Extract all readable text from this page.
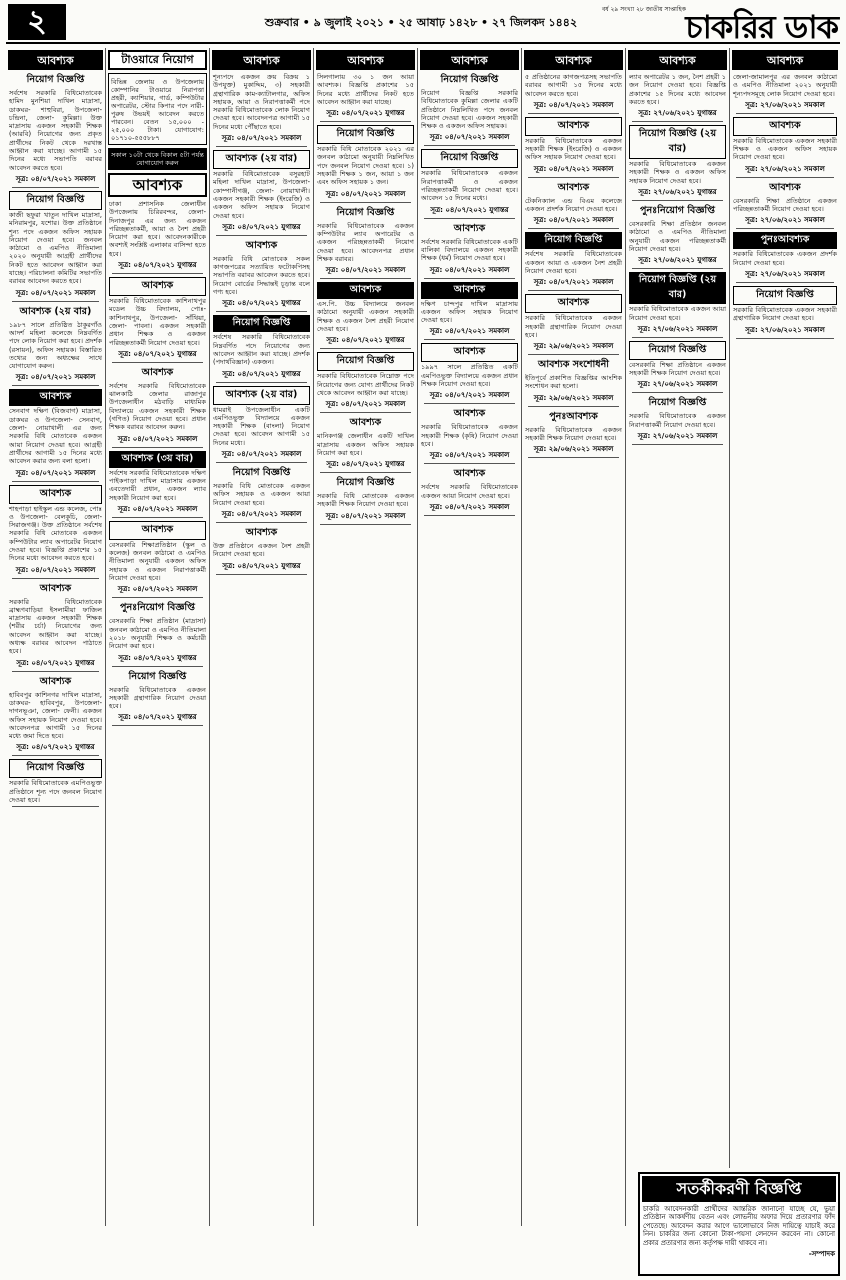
২	শুক্রবার • ৯ জুলাই ২০২১ • ২৫ আষাঢ় ১৪২৮ • ২৭ জিলকদ ১৪৪২
বর্ষ ২৯ সংখ্যা ২৮ জাতীয় সাপ্তাহিক চাকরির ডাক
আবশ্যক
নিয়োগ বিজ্ঞপ্তি
সর্বশেষ সরকারি বিধিমোতাবেক হামিদ মুনশিয়া দাখিল মাদ্রাসা, ডাকঘর- শাহুবিরা, উপজেলা- চন্দ্রিনা, জেলা- কুমিল্লা। উক্ত মাদ্রাসায় একজন সহকারী শিক্ষক (আরবি) নিয়োগের জন্য প্রকৃত প্রার্থীদের নিকট থেকে দরখাস্ত আহ্বান করা যাচ্ছে। আগামী ১৫ দিনের মধ্যে সভাপতি বরাবর আবেদন করতে হবে।
সূত্র: ০৪/০৭/২০২১ সমকাল
নিয়োগ বিজ্ঞপ্তি
কাজী ছফুরা খাতুন দাখিল মাদ্রাসা, মনিরামপুর, যশোর। উক্ত প্রতিষ্ঠানে শূন্য পদে একজন অফিস সহায়ক নিয়োগ দেওয়া হবে। জনবল কাঠামো ও এমপিও নীতিমালা ২০২০ অনুযায়ী আগ্রহী প্রার্থীদের নিকট হতে আবেদন আহ্বান করা যাচ্ছে। পরিচালনা কমিটির সভাপতি বরাবর আবেদন করতে হবে।
সূত্র: ০৪/০৭/২০২১ সমকাল
আবশ্যক (২য় বার)
১৯৮৭ সালে প্রতিষ্ঠিত ঠাকুরগাঁও আদর্শ মহিলা কলেজে নিম্নবর্ণিত পদে লোক নিয়োগ করা হবে। প্রদর্শক (রসায়ন), অফিস সহায়ক। বিস্তারিত তথ্যের জন্য অধ্যক্ষের সাথে যোগাযোগ করুন।
সূত্র: ০৪/০৭/২০২১ সমকাল
আবশ্যক
সেনবাগ দক্ষিণ (বিজবাগ) মাদ্রাসা, ডাকঘর ও উপজেলা- সেনবাগ, জেলা- নোয়াখালী এর জন্য সরকারি বিধি মোতাবেক একজন আয়া নিয়োগ দেওয়া হবে। আগ্রহী প্রার্থীদের আগামী ১৫ দিনের মধ্যে আবেদন করার জন্য বলা হলো।
সূত্র: ০৪/০৭/২০২১ সমকাল
আবশ্যক
শাহপাড়া হাইস্কুল এন্ড কলেজ, পোঃ ও উপজেলা- বেলকুচি, জেলা- সিরাজগঞ্জ। উক্ত প্রতিষ্ঠানে সর্বশেষ সরকারি বিধি মোতাবেক একজন কম্পিউটার ল্যাব অপারেটর নিয়োগ দেওয়া হবে। বিজ্ঞপ্তি প্রকাশের ১৫ দিনের মধ্যে আবেদন করতে হবে।
সূত্র: ০৪/০৭/২০২১ সমকাল
আবশ্যক
সরকারি বিধিমোতাবেক ব্রাহ্মণবাড়িয়া ইসলামীয়া ফাজিল মাদ্রাসায় একজন সহকারী শিক্ষক (শরীর চর্চা) নিয়োগের জন্য আবেদন আহ্বান করা যাচ্ছে। অধ্যক্ষ বরাবর আবেদন পাঠাতে হবে।
সূত্র: ০৪/০৭/২০২১ যুগান্তর
আবশ্যক
হাবিবপুর কাশিনগর দাখিল মাদ্রাসা, ডাকঘর- হাবিবপুর, উপজেলা- দাগনভূঞা, জেলা- ফেনী। একজন অফিস সহায়ক নিয়োগ দেওয়া হবে। আবেদনপত্র আগামী ১৫ দিনের মধ্যে জমা দিতে হবে।
সূত্র: ০৪/০৭/২০২১ যুগান্তর
নিয়োগ বিজ্ঞপ্তি
সরকারি বিধিমোতাবেক এমপিওভুক্ত প্রতিষ্ঠানে শূন্য পদে জনবল নিয়োগ দেওয়া হবে।
টাওয়ারে নিয়োগ
বিভিন্ন জেলায় ও উপজেলায় কোম্পানির টাওয়ারে নিরাপত্তা প্রহরী, ক্যাশিয়ার, গার্ড, কম্পিউটার অপারেটর, স্টোর কিপার পদে নারী-পুরুষ উভয়ই আবেদন করতে পারবেন। বেতন ১৫,০০০ - ২৫,০০০ টাকা। যোগাযোগ: ০১৭১০-৫৫৫৮৮৭
সকাল ১০টা থেকে বিকাল ৫টা পর্যন্ত যোগাযোগ করুন
আবশ্যক
ঢাকা প্রশাসনিক জেলাধীন উপজেলায় চিরিরবন্দর, জেলা- দিনাজপুর এর জন্য একজন পরিচ্ছন্নতাকর্মী, আয়া ও নৈশ প্রহরী নিয়োগ করা হবে। আবেদনকারীকে অবশ্যই সংশ্লিষ্ট এলাকার বাসিন্দা হতে হবে।
সূত্র: ০৪/০৭/২০২১ যুগান্তর
আবশ্যক
সরকারি বিধিমোতাবেক কাশিনাথপুর মডেল উচ্চ বিদ্যালয়, পোঃ- কাশিনাথপুর, উপজেলা- সাঁথিয়া, জেলা- পাবনা। একজন সহকারী প্রধান শিক্ষক ও একজন পরিচ্ছন্নতাকর্মী নিয়োগ দেওয়া হবে।
সূত্র: ০৪/০৭/২০২১ যুগান্তর
আবশ্যক
সর্বশেষ সরকারি বিধিমোতাবেক ঝালকাঠি জেলার রাজাপুর উপজেলাধীন মঠবাড়ি মাধ্যমিক বিদ্যালয়ে একজন সহকারী শিক্ষক (গণিত) নিয়োগ দেওয়া হবে। প্রধান শিক্ষক বরাবর আবেদন করুন।
সূত্র: ০৪/০৭/২০২১ সমকাল
আবশ্যক (৩য় বার)
সর্বশেষ সরকারি বিধিমোতাবেক দক্ষিণ পাইকপাড়া দাখিল মাদ্রাসায় একজন এবতেদায়ী প্রধান, একজন ল্যাব সহকারী নিয়োগ করা হবে।
সূত্র: ০৪/০৭/২০২১ সমকাল
আবশ্যক
বেসরকারি শিক্ষাপ্রতিষ্ঠান (স্কুল ও কলেজ) জনবল কাঠামো ও এমপিও নীতিমালা অনুযায়ী একজন অফিস সহায়ক ও একজন নিরাপত্তাকর্মী নিয়োগ দেওয়া হবে।
সূত্র: ০৪/০৭/২০২১ সমকাল
পুনঃনিয়োগ বিজ্ঞপ্তি
বেসরকারি শিক্ষা প্রতিষ্ঠান (মাদ্রাসা) জনবল কাঠামো ও এমপিও নীতিমালা ২০১৮ অনুযায়ী শিক্ষক ও কর্মচারী নিয়োগ করা হবে।
সূত্র: ০৪/০৭/২০২১ যুগান্তর
নিয়োগ বিজ্ঞপ্তি
সরকারি বিধিমোতাবেক একজন সহকারী গ্রন্থাগারিক নিয়োগ দেওয়া হবে।
সূত্র: ০৪/০৭/২০২১ যুগান্তর
আবশ্যক
শূন্যপদে একজন ক্রয় বিক্রয় ১ উপযুক্ত) মুকাদ্দিম, ৩) সহকারী গ্রন্থাগারিক কাম-ক্যাটালগার, অফিস সহায়ক, আয়া ও নিরাপত্তাকর্মী পদে সরকারি বিধিমোতাবেক লোক নিয়োগ দেওয়া হবে। আবেদনপত্র আগামী ১৫ দিনের মধ্যে পৌঁছাতে হবে।
সূত্র: ০৪/০৭/২০২১ সমকাল
আবশ্যক (২য় বার)
সরকারি বিধিমোতাবেক বসুরহাট মহিলা দাখিল মাদ্রাসা, উপজেলা- কোম্পানীগঞ্জ, জেলা- নোয়াখালী। একজন সহকারী শিক্ষক (ইংরেজি) ও একজন অফিস সহায়ক নিয়োগ দেওয়া হবে।
সূত্র: ০৪/০৭/২০২১ যুগান্তর
আবশ্যক
সরকারি বিধি মোতাবেক সকল কাগজপত্রের সত্যায়িত ফটোকপিসহ সভাপতি বরাবর আবেদন করতে হবে। নিয়োগ বোর্ডের সিদ্ধান্তই চূড়ান্ত বলে গণ্য হবে।
সূত্র: ০৪/০৭/২০২১ যুগান্তর
নিয়োগ বিজ্ঞপ্তি
সর্বশেষ সরকারি বিধিমোতাবেক নিম্নবর্ণিত পদে নিয়োগের জন্য আবেদন আহ্বান করা যাচ্ছে। প্রদর্শক (পদার্থবিজ্ঞান) একজন।
সূত্র: ০৪/০৭/২০২১ যুগান্তর
আবশ্যক (২য় বার)
ধামরাই উপজেলাধীন একটি এমপিওভুক্ত বিদ্যালয়ে একজন সহকারী শিক্ষক (বাংলা) নিয়োগ দেওয়া হবে। আবেদন আগামী ১৫ দিনের মধ্যে।
সূত্র: ০৪/০৭/২০২১ সমকাল
নিয়োগ বিজ্ঞপ্তি
সরকারি বিধি মোতাবেক একজন অফিস সহায়ক ও একজন আয়া নিয়োগ দেওয়া হবে।
সূত্র: ০৪/০৭/২০২১ সমকাল
আবশ্যক
উক্ত প্রতিষ্ঠানে একজন নৈশ প্রহরী নিয়োগ দেওয়া হবে।
সূত্র: ০৪/০৭/২০২১ যুগান্তর
আবশ্যক
সিলগালায় ৩০ ১ জন আয়া আবশ্যক। বিজ্ঞপ্তি প্রকাশের ১৫ দিনের মধ্যে প্রার্থীদের নিকট হতে আবেদন আহ্বান করা যাচ্ছে।
সূত্র: ০৪/০৭/২০২১ যুগান্তর
নিয়োগ বিজ্ঞপ্তি
সরকারি বিধি মোতাবেক ২০২১ এর জনবল কাঠামো অনুযায়ী নিম্নলিখিত পদে জনবল নিয়োগ দেওয়া হবে। ১) সহকারী শিক্ষক ১ জন, আয়া ১ জন এবং অফিস সহায়ক ১ জন।
সূত্র: ০৪/০৭/২০২১ সমকাল
নিয়োগ বিজ্ঞপ্তি
সরকারি বিধিমোতাবেক একজন কম্পিউটার ল্যাব অপারেটর ও একজন পরিচ্ছন্নতাকর্মী নিয়োগ দেওয়া হবে। আবেদনপত্র প্রধান শিক্ষক বরাবর।
সূত্র: ০৪/০৭/২০২১ সমকাল
আবশ্যক
এস.পি. উচ্চ বিদ্যালয়ে জনবল কাঠামো অনুযায়ী একজন সহকারী শিক্ষক ও একজন নৈশ প্রহরী নিয়োগ দেওয়া হবে।
সূত্র: ০৪/০৭/২০২১ যুগান্তর
নিয়োগ বিজ্ঞপ্তি
সরকারি বিধিমোতাবেক নিম্নোক্ত পদে নিয়োগের জন্য যোগ্য প্রার্থীদের নিকট থেকে আবেদন আহ্বান করা যাচ্ছে।
সূত্র: ০৪/০৭/২০২১ সমকাল
আবশ্যক
মানিকগঞ্জ জেলাধীন একটি দাখিল মাদ্রাসায় একজন অফিস সহায়ক নিয়োগ করা হবে।
সূত্র: ০৪/০৭/২০২১ যুগান্তর
নিয়োগ বিজ্ঞপ্তি
সরকারি বিধি মোতাবেক একজন সহকারী শিক্ষক নিয়োগ দেওয়া হবে।
সূত্র: ০৪/০৭/২০২১ সমকাল
আবশ্যক
নিয়োগ বিজ্ঞপ্তি
নিয়োগ বিজ্ঞপ্তি সরকারি বিধিমোতাবেক কুমিল্লা জেলার একটি প্রতিষ্ঠানে নিম্নলিখিত পদে জনবল নিয়োগ দেওয়া হবে। একজন সহকারী শিক্ষক ও একজন অফিস সহায়ক।
সূত্র: ০৪/০৭/২০২১ সমকাল
নিয়োগ বিজ্ঞপ্তি
সরকারি বিধিমোতাবেক একজন নিরাপত্তাকর্মী ও একজন পরিচ্ছন্নতাকর্মী নিয়োগ দেওয়া হবে। আবেদন ১৫ দিনের মধ্যে।
সূত্র: ০৪/০৭/২০২১ যুগান্তর
আবশ্যক
সর্বশেষ সরকারি বিধিমোতাবেক একটি বালিকা বিদ্যালয়ে একজন সহকারী শিক্ষক (ধর্ম) নিয়োগ দেওয়া হবে।
সূত্র: ০৪/০৭/২০২১ সমকাল
আবশ্যক
দক্ষিণ চান্দপুর দাখিল মাদ্রাসায় একজন অফিস সহায়ক নিয়োগ দেওয়া হবে।
সূত্র: ০৪/০৭/২০২১ সমকাল
আবশ্যক
১৯৯৭ সালে প্রতিষ্ঠিত একটি এমপিওভুক্ত বিদ্যালয়ে একজন প্রধান শিক্ষক নিয়োগ দেওয়া হবে।
সূত্র: ০৪/০৭/২০২১ সমকাল
আবশ্যক
সরকারি বিধিমোতাবেক একজন সহকারী শিক্ষক (কৃষি) নিয়োগ দেওয়া হবে।
সূত্র: ০৪/০৭/২০২১ সমকাল
আবশ্যক
সর্বশেষ সরকারি বিধিমোতাবেক একজন আয়া নিয়োগ দেওয়া হবে।
সূত্র: ০৪/০৭/২০২১ সমকাল
আবশ্যক
৫ প্রতিষ্ঠানের কাগজপত্রসহ সভাপতি বরাবর আগামী ১৫ দিনের মধ্যে আবেদন করতে হবে।
সূত্র: ০৪/০৭/২০২১ সমকাল
আবশ্যক
সরকারি বিধিমোতাবেক একজন সহকারী শিক্ষক (ইংরেজি) ও একজন অফিস সহায়ক নিয়োগ দেওয়া হবে।
সূত্র: ০৪/০৭/২০২১ সমকাল
আবশ্যক
টেকনিক্যাল এন্ড বিএম কলেজে একজন প্রদর্শক নিয়োগ দেওয়া হবে।
সূত্র: ০৪/০৭/২০২১ সমকাল
নিয়োগ বিজ্ঞপ্তি
সর্বশেষ সরকারি বিধিমোতাবেক একজন আয়া ও একজন নৈশ প্রহরী নিয়োগ দেওয়া হবে।
সূত্র: ০৪/০৭/২০২১ সমকাল
আবশ্যক
সরকারি বিধিমোতাবেক একজন সহকারী গ্রন্থাগারিক নিয়োগ দেওয়া হবে।
সূত্র: ২৯/০৬/২০২১ সমকাল
আবশ্যক সংশোধনী
ইতিপূর্বে প্রকাশিত বিজ্ঞপ্তির আংশিক সংশোধন করা হলো।
সূত্র: ২৯/০৬/২০২১ সমকাল
পুনঃআবশ্যক
সরকারি বিধিমোতাবেক একজন সহকারী শিক্ষক নিয়োগ দেওয়া হবে।
সূত্র: ২৯/০৬/২০২১ সমকাল
আবশ্যক
ল্যাব অপারেটর ১ জন, নৈশ প্রহরী ১ জন নিয়োগ দেওয়া হবে। বিজ্ঞপ্তি প্রকাশের ১৫ দিনের মধ্যে আবেদন করতে হবে।
সূত্র: ২৭/০৬/২০২১ যুগান্তর
নিয়োগ বিজ্ঞপ্তি (২য় বার)
সরকারি বিধিমোতাবেক একজন সহকারী শিক্ষক ও একজন অফিস সহায়ক নিয়োগ দেওয়া হবে।
সূত্র: ২৭/০৬/২০২১ যুগান্তর
পুনঃনিয়োগ বিজ্ঞপ্তি
বেসরকারি শিক্ষা প্রতিষ্ঠান জনবল কাঠামো ও এমপিও নীতিমালা অনুযায়ী একজন পরিচ্ছন্নতাকর্মী নিয়োগ দেওয়া হবে।
সূত্র: ২৭/০৬/২০২১ যুগান্তর
নিয়োগ বিজ্ঞপ্তি (২য় বার)
সরকারি বিধিমোতাবেক একজন আয়া নিয়োগ দেওয়া হবে।
সূত্র: ২৭/০৬/২০২১ সমকাল
নিয়োগ বিজ্ঞপ্তি
বেসরকারি শিক্ষা প্রতিষ্ঠানে একজন সহকারী শিক্ষক নিয়োগ দেওয়া হবে।
সূত্র: ২৭/০৬/২০২১ সমকাল
নিয়োগ বিজ্ঞপ্তি
সরকারি বিধিমোতাবেক একজন নিরাপত্তাকর্মী নিয়োগ দেওয়া হবে।
সূত্র: ২৭/০৬/২০২১ সমকাল
আবশ্যক
জেলা-জামালপুর এর জনবল কাঠামো ও এমপিও নীতিমালা ২০২১ অনুযায়ী শূন্যপদসমূহে লোক নিয়োগ দেওয়া হবে।
সূত্র: ২৭/০৬/২০২১ সমকাল
আবশ্যক
সরকারি বিধিমোতাবেক একজন সহকারী শিক্ষক ও একজন অফিস সহায়ক নিয়োগ দেওয়া হবে।
সূত্র: ২৭/০৬/২০২১ সমকাল
আবশ্যক
বেসরকারি শিক্ষা প্রতিষ্ঠানে একজন পরিচ্ছন্নতাকর্মী নিয়োগ দেওয়া হবে।
সূত্র: ২৭/০৬/২০২১ সমকাল
পুনঃআবশ্যক
সরকারি বিধিমোতাবেক একজন প্রদর্শক নিয়োগ দেওয়া হবে।
সূত্র: ২৭/০৬/২০২১ সমকাল
নিয়োগ বিজ্ঞপ্তি
সরকারি বিধিমোতাবেক একজন সহকারী গ্রন্থাগারিক নিয়োগ দেওয়া হবে।
সূত্র: ২৭/০৬/২০২১ সমকাল
সতর্কীকরণী বিজ্ঞপ্তি
চাকরি আবেদনকারী প্রার্থীদের আন্তরিক জানানো যাচ্ছে যে, ভুয়া প্রতিষ্ঠান আকর্ষণীয় বেতন এবং লোভনীয় অফার দিয়ে প্রতারণার ফাঁদ পেতেছে। আবেদন করার আগে ভালোভাবে নিজ দায়িত্বে যাচাই করে নিন। চাকরির জন্য কোনো টাকা-পয়সা লেনদেন করবেন না। কোনো প্রকার প্রতারণার জন্য কর্তৃপক্ষ দায়ী থাকবে না।
-সম্পাদক
